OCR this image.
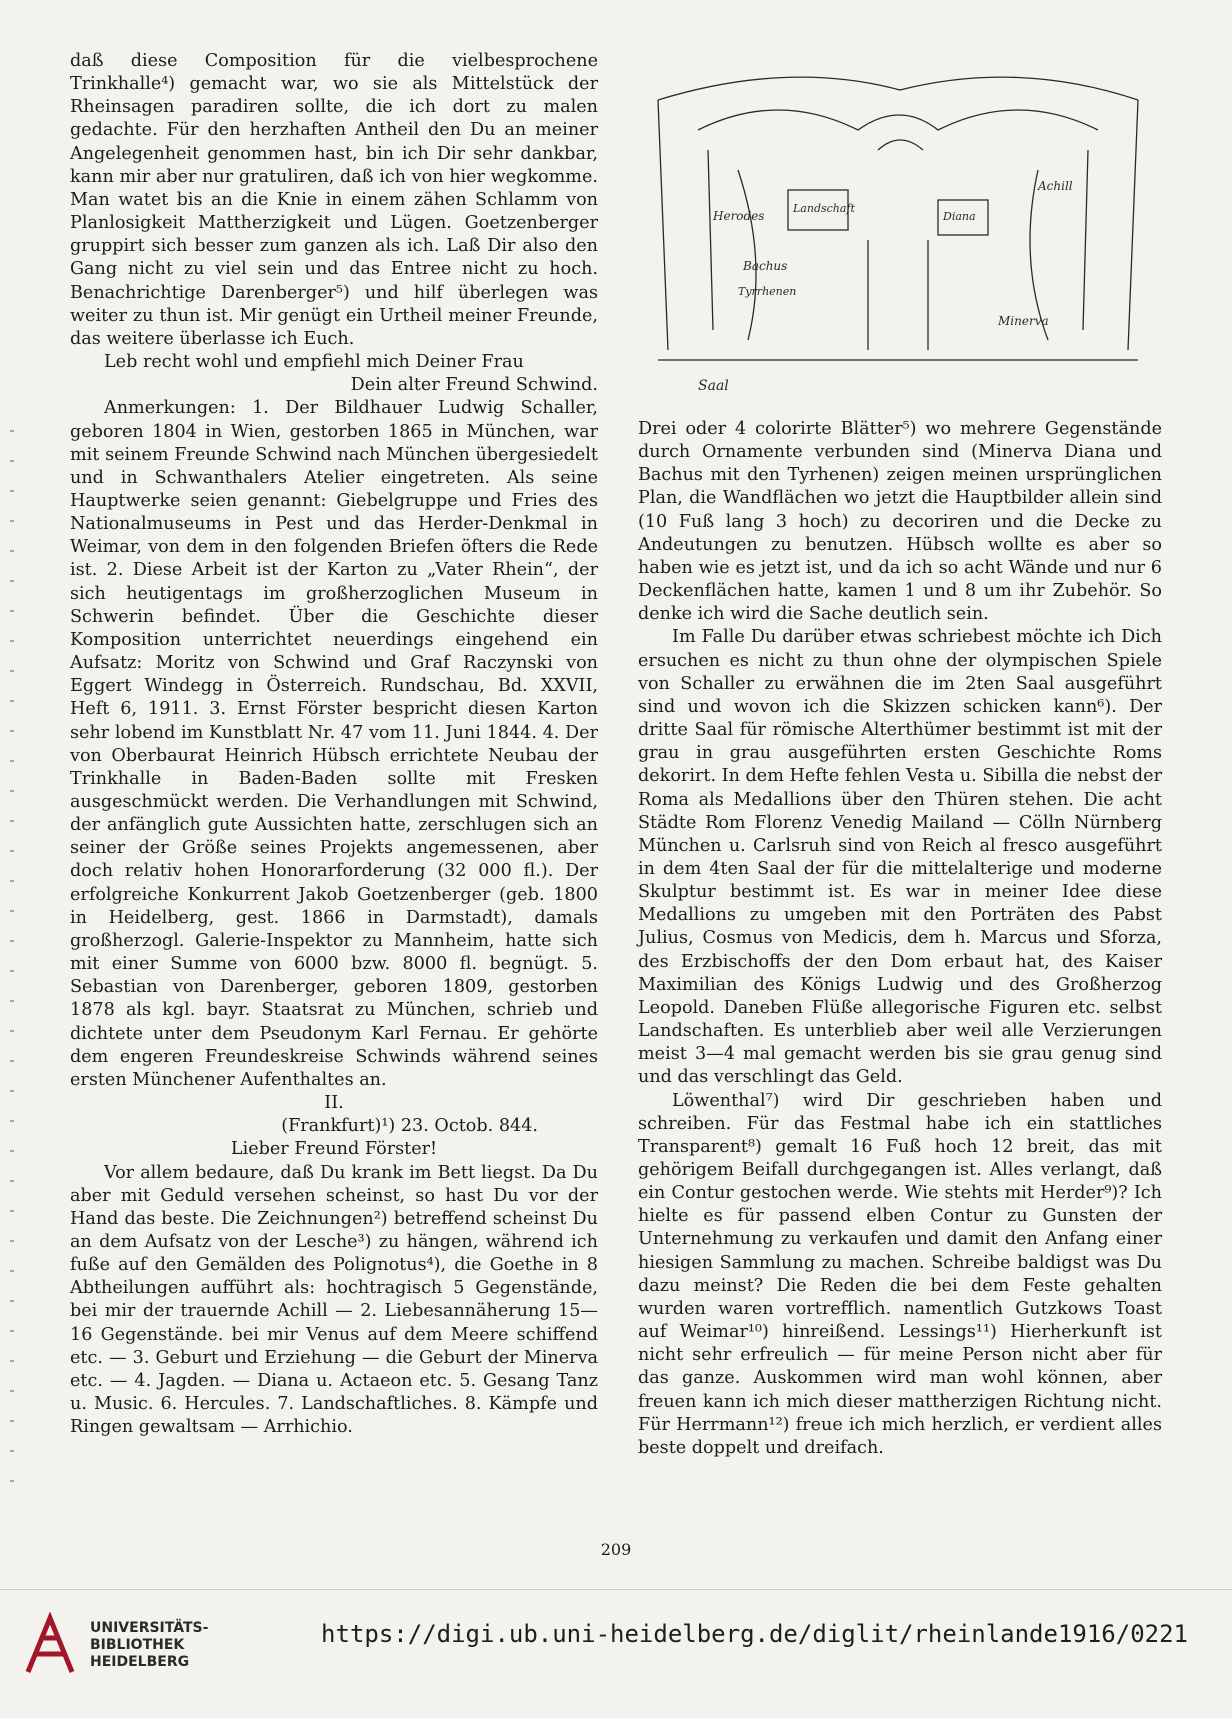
daß diese Composition für die vielbesprochene Trinkhalle⁴) gemacht war, wo sie als Mittelstück der Rheinsagen paradiren sollte, die ich dort zu malen gedachte. Für den herzhaften Antheil den Du an meiner Angelegenheit genommen hast, bin ich Dir sehr dankbar, kann mir aber nur gratuliren, daß ich von hier wegkomme. Man watet bis an die Knie in einem zähen Schlamm von Planlosigkeit Mattherzigkeit und Lügen. Goetzenberger gruppirt sich besser zum ganzen als ich. Laß Dir also den Gang nicht zu viel sein und das Entree nicht zu hoch. Benachrichtige Darenberger⁵) und hilf überlegen was weiter zu thun ist. Mir genügt ein Urtheil meiner Freunde, das weitere überlasse ich Euch.

Leb recht wohl und empfiehl mich Deiner Frau

Dein alter Freund Schwind.

Anmerkungen: 1. Der Bildhauer Ludwig Schaller, geboren 1804 in Wien, gestorben 1865 in München, war mit seinem Freunde Schwind nach München übergesiedelt und in Schwanthalers Atelier eingetreten. Als seine Hauptwerke seien genannt: Giebelgruppe und Fries des Nationalmuseums in Pest und das Herder-Denkmal in Weimar, von dem in den folgenden Briefen öfters die Rede ist. 2. Diese Arbeit ist der Karton zu „Vater Rhein“, der sich heutigentags im großherzoglichen Museum in Schwerin befindet. Über die Geschichte dieser Komposition unterrichtet neuerdings eingehend ein Aufsatz: Moritz von Schwind und Graf Raczynski von Eggert Windegg in Österreich. Rundschau, Bd. XXVII, Heft 6, 1911. 3. Ernst Förster bespricht diesen Karton sehr lobend im Kunstblatt Nr. 47 vom 11. Juni 1844. 4. Der von Oberbaurat Heinrich Hübsch errichtete Neubau der Trinkhalle in Baden-Baden sollte mit Fresken ausgeschmückt werden. Die Verhandlungen mit Schwind, der anfänglich gute Aussichten hatte, zerschlugen sich an seiner der Größe seines Projekts angemessenen, aber doch relativ hohen Honorarforderung (32 000 fl.). Der erfolgreiche Konkurrent Jakob Goetzenberger (geb. 1800 in Heidelberg, gest. 1866 in Darmstadt), damals großherzogl. Galerie-Inspektor zu Mannheim, hatte sich mit einer Summe von 6000 bzw. 8000 fl. begnügt. 5. Sebastian von Darenberger, geboren 1809, gestorben 1878 als kgl. bayr. Staatsrat zu München, schrieb und dichtete unter dem Pseudonym Karl Fernau. Er gehörte dem engeren Freundeskreise Schwinds während seines ersten Münchener Aufenthaltes an.

II.

(Frankfurt)¹) 23. Octob. 844.

Lieber Freund Förster!

Vor allem bedaure, daß Du krank im Bett liegst. Da Du aber mit Geduld versehen scheinst, so hast Du vor der Hand das beste. Die Zeichnungen²) betreffend scheinst Du an dem Aufsatz von der Lesche³) zu hängen, während ich fuße auf den Gemälden des Polignotus⁴), die Goethe in 8 Abtheilungen aufführt als: hochtragisch 5 Gegenstände, bei mir der trauernde Achill — 2. Liebesannäherung 15—16 Gegenstände. bei mir Venus auf dem Meere schiffend etc. — 3. Geburt und Erziehung — die Geburt der Minerva etc. — 4. Jagden. — Diana u. Actaeon etc. 5. Gesang Tanz u. Music. 6. Hercules. 7. Landschaftliches. 8. Kämpfe und Ringen gewaltsam — Arrhichio.

Herodes
Bachus
Tyrrhenen
Landschaft
Diana
Minerva
Achill
Saal

Drei oder 4 colorirte Blätter⁵) wo mehrere Gegenstände durch Ornamente verbunden sind (Minerva Diana und Bachus mit den Tyrhenen) zeigen meinen ursprünglichen Plan, die Wandflächen wo jetzt die Hauptbilder allein sind (10 Fuß lang 3 hoch) zu decoriren und die Decke zu Andeutungen zu benutzen. Hübsch wollte es aber so haben wie es jetzt ist, und da ich so acht Wände und nur 6 Deckenflächen hatte, kamen 1 und 8 um ihr Zubehör. So denke ich wird die Sache deutlich sein.

Im Falle Du darüber etwas schriebest möchte ich Dich ersuchen es nicht zu thun ohne der olympischen Spiele von Schaller zu erwähnen die im 2ten Saal ausgeführt sind und wovon ich die Skizzen schicken kann⁶). Der dritte Saal für römische Alterthümer bestimmt ist mit der grau in grau ausgeführten ersten Geschichte Roms dekorirt. In dem Hefte fehlen Vesta u. Sibilla die nebst der Roma als Medallions über den Thüren stehen. Die acht Städte Rom Florenz Venedig Mailand — Cölln Nürnberg München u. Carlsruh sind von Reich al fresco ausgeführt in dem 4ten Saal der für die mittelalterige und moderne Skulptur bestimmt ist. Es war in meiner Idee diese Medallions zu umgeben mit den Porträten des Pabst Julius, Cosmus von Medicis, dem h. Marcus und Sforza, des Erzbischoffs der den Dom erbaut hat, des Kaiser Maximilian des Königs Ludwig und des Großherzog Leopold. Daneben Flüße allegorische Figuren etc. selbst Landschaften. Es unterblieb aber weil alle Verzierungen meist 3—4 mal gemacht werden bis sie grau genug sind und das verschlingt das Geld.

Löwenthal⁷) wird Dir geschrieben haben und schreiben. Für das Festmal habe ich ein stattliches Transparent⁸) gemalt 16 Fuß hoch 12 breit, das mit gehörigem Beifall durchgegangen ist. Alles verlangt, daß ein Contur gestochen werde. Wie stehts mit Herder⁹)? Ich hielte es für passend elben Contur zu Gunsten der Unternehmung zu verkaufen und damit den Anfang einer hiesigen Sammlung zu machen. Schreibe baldigst was Du dazu meinst? Die Reden die bei dem Feste gehalten wurden waren vortrefflich. namentlich Gutzkows Toast auf Weimar¹⁰) hinreißend. Lessings¹¹) Hierherkunft ist nicht sehr erfreulich — für meine Person nicht aber für das ganze. Auskommen wird man wohl können, aber freuen kann ich mich dieser mattherzigen Richtung nicht. Für Herrmann¹²) freue ich mich herzlich, er verdient alles beste doppelt und dreifach.

209
UNIVERSITÄTS-
BIBLIOTHEK
HEIDELBERG
https://digi.ub.uni-heidelberg.de/diglit/rheinlande1916/0221
